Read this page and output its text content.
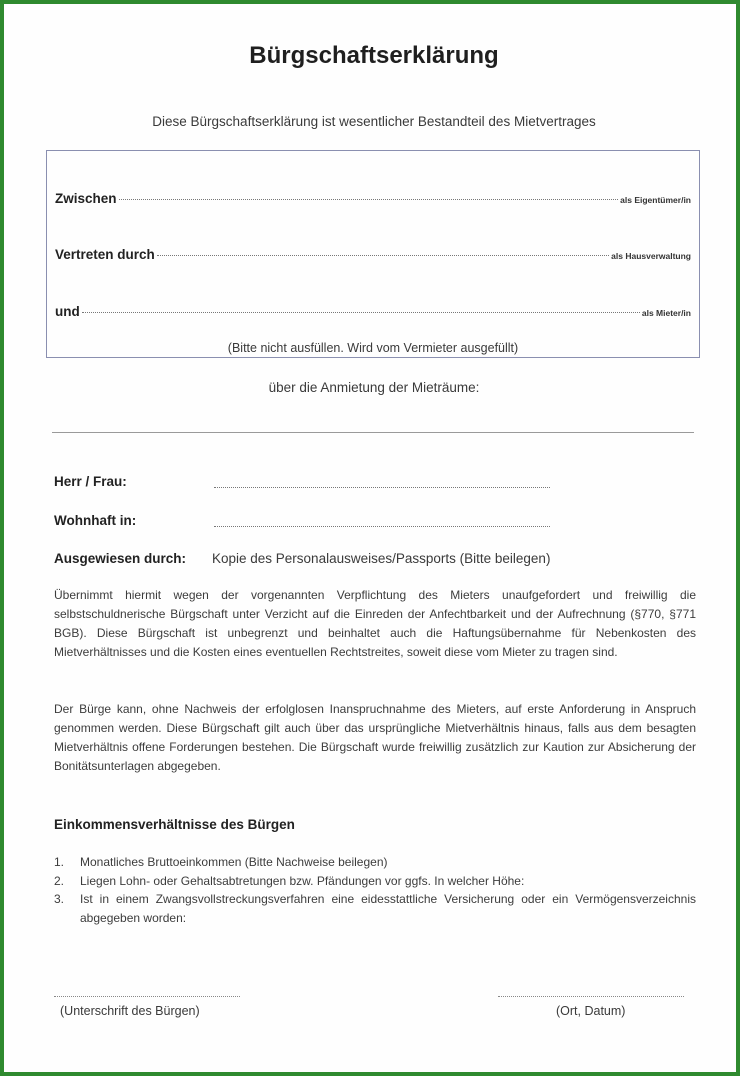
Bürgschaftserklärung
Diese Bürgschaftserklärung ist wesentlicher Bestandteil des Mietvertrages
Zwischen	als Eigentümer/in
Vertreten durch	als Hausverwaltung
und	als Mieter/in
(Bitte nicht ausfüllen. Wird vom Vermieter ausgefüllt)
über die Anmietung der Mieträume:
Herr / Frau:
Wohnhaft in:
Ausgewiesen durch: Kopie des Personalausweises/Passports (Bitte beilegen)
Übernimmt hiermit wegen der vorgenannten Verpflichtung des Mieters unaufgefordert und freiwillig die selbstschuldnerische Bürgschaft unter Verzicht auf die Einreden der Anfechtbarkeit und der Aufrechnung (§770, §771 BGB). Diese Bürgschaft ist unbegrenzt und beinhaltet auch die Haftungsübernahme für Nebenkosten des Mietverhältnisses und die Kosten eines eventuellen Rechtstreites, soweit diese vom Mieter zu tragen sind.
Der Bürge kann, ohne Nachweis der erfolglosen Inanspruchnahme des Mieters, auf erste Anforderung in Anspruch genommen werden. Diese Bürgschaft gilt auch über das ursprüngliche Mietverhältnis hinaus, falls aus dem besagten Mietverhältnis offene Forderungen bestehen. Die Bürgschaft wurde freiwillig zusätzlich zur Kaution zur Absicherung der Bonitätsunterlagen abgegeben.
Einkommensverhältnisse des Bürgen
1. Monatliches Bruttoeinkommen (Bitte Nachweise beilegen)
2. Liegen Lohn- oder Gehaltsabtretungen bzw. Pfändungen vor ggfs. In welcher Höhe:
3. Ist in einem Zwangsvollstreckungsverfahren eine eidesstattliche Versicherung oder ein Vermögensverzeichnis abgegeben worden:
(Unterschrift des Bürgen)	(Ort, Datum)
